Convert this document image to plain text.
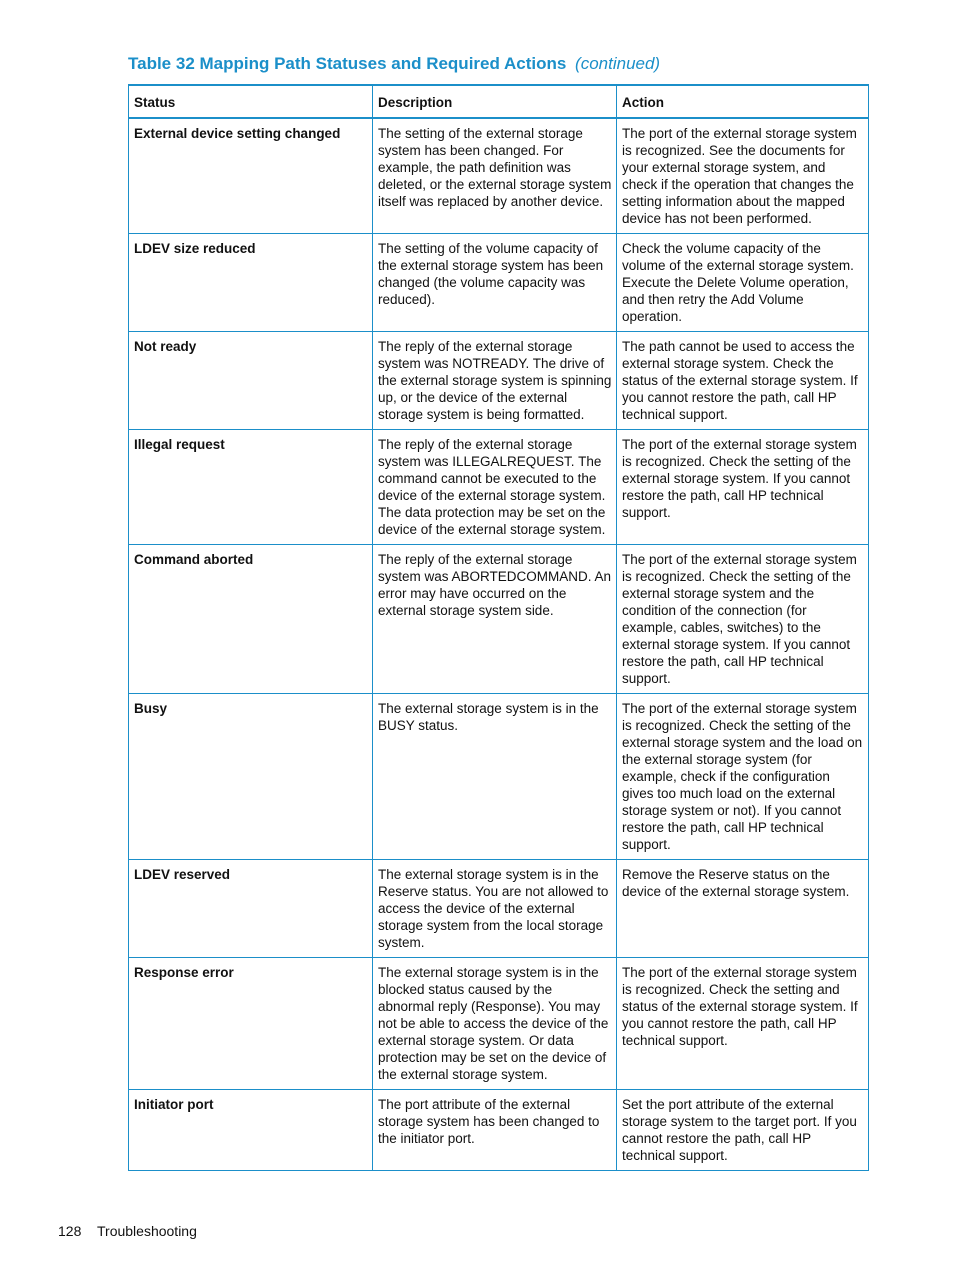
Table 32 Mapping Path Statuses and Required Actions (continued)
Status	Description	Action
External device setting changed	The setting of the external storage system has been changed. For example, the path definition was deleted, or the external storage system itself was replaced by another device.	The port of the external storage system is recognized. See the documents for your external storage system, and check if the operation that changes the setting information about the mapped device has not been performed.
LDEV size reduced	The setting of the volume capacity of the external storage system has been changed (the volume capacity was reduced).	Check the volume capacity of the volume of the external storage system. Execute the Delete Volume operation, and then retry the Add Volume operation.
Not ready	The reply of the external storage system was NOTREADY. The drive of the external storage system is spinning up, or the device of the external storage system is being formatted.	The path cannot be used to access the external storage system. Check the status of the external storage system. If you cannot restore the path, call HP technical support.
Illegal request	The reply of the external storage system was ILLEGALREQUEST. The command cannot be executed to the device of the external storage system. The data protection may be set on the device of the external storage system.	The port of the external storage system is recognized. Check the setting of the external storage system. If you cannot restore the path, call HP technical support.
Command aborted	The reply of the external storage system was ABORTEDCOMMAND. An error may have occurred on the external storage system side.	The port of the external storage system is recognized. Check the setting of the external storage system and the condition of the connection (for example, cables, switches) to the external storage system. If you cannot restore the path, call HP technical support.
Busy	The external storage system is in the BUSY status.	The port of the external storage system is recognized. Check the setting of the external storage system and the load on the external storage system (for example, check if the configuration gives too much load on the external storage system or not). If you cannot restore the path, call HP technical support.
LDEV reserved	The external storage system is in the Reserve status. You are not allowed to access the device of the external storage system from the local storage system.	Remove the Reserve status on the device of the external storage system.
Response error	The external storage system is in the blocked status caused by the abnormal reply (Response). You may not be able to access the device of the external storage system. Or data protection may be set on the device of the external storage system.	The port of the external storage system is recognized. Check the setting and status of the external storage system. If you cannot restore the path, call HP technical support.
Initiator port	The port attribute of the external storage system has been changed to the initiator port.	Set the port attribute of the external storage system to the target port. If you cannot restore the path, call HP technical support.
128 Troubleshooting
